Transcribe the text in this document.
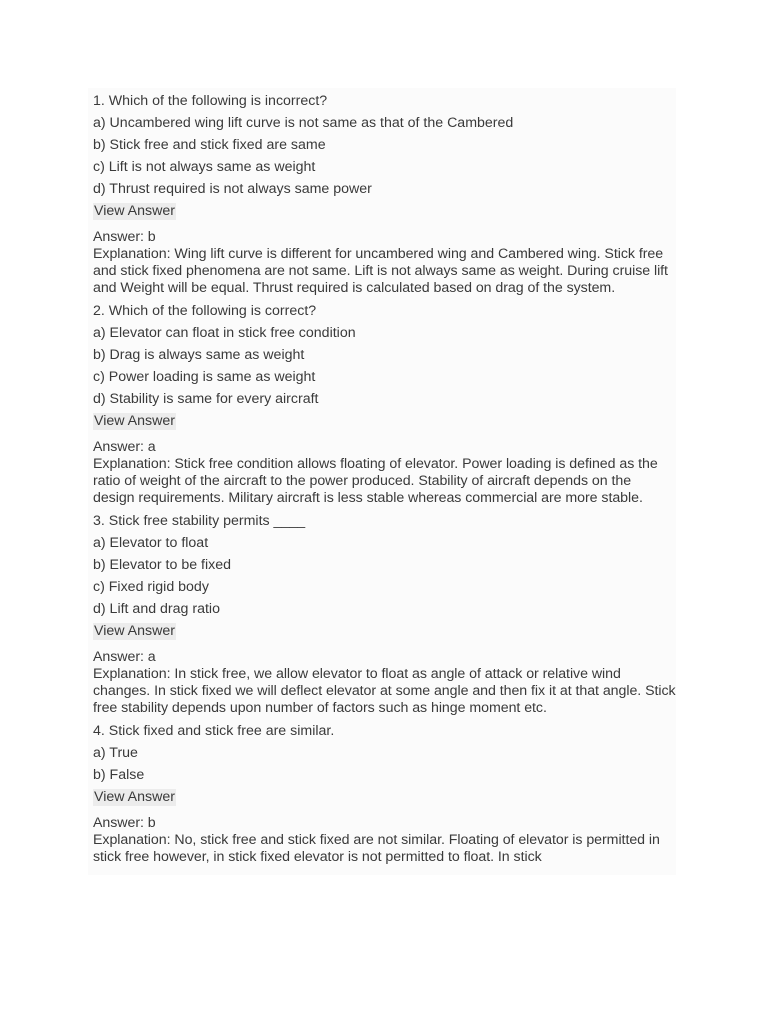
1. Which of the following is incorrect?

a) Uncambered wing lift curve is not same as that of the Cambered

b) Stick free and stick fixed are same

c) Lift is not always same as weight

d) Thrust required is not always same power

View Answer

Answer: b

Explanation: Wing lift curve is different for uncambered wing and Cambered wing. Stick free and stick fixed phenomena are not same. Lift is not always same as weight. During cruise lift and Weight will be equal. Thrust required is calculated based on drag of the system.

2. Which of the following is correct?

a) Elevator can float in stick free condition

b) Drag is always same as weight

c) Power loading is same as weight

d) Stability is same for every aircraft

View Answer

Answer: a

Explanation: Stick free condition allows floating of elevator. Power loading is defined as the ratio of weight of the aircraft to the power produced. Stability of aircraft depends on the design requirements. Military aircraft is less stable whereas commercial are more stable.

3. Stick free stability permits ____

a) Elevator to float

b) Elevator to be fixed

c) Fixed rigid body

d) Lift and drag ratio

View Answer

Answer: a

Explanation: In stick free, we allow elevator to float as angle of attack or relative wind changes. In stick fixed we will deflect elevator at some angle and then fix it at that angle. Stick free stability depends upon number of factors such as hinge moment etc.

4. Stick fixed and stick free are similar.

a) True

b) False

View Answer

Answer: b

Explanation: No, stick free and stick fixed are not similar. Floating of elevator is permitted in stick free however, in stick fixed elevator is not permitted to float. In stick
